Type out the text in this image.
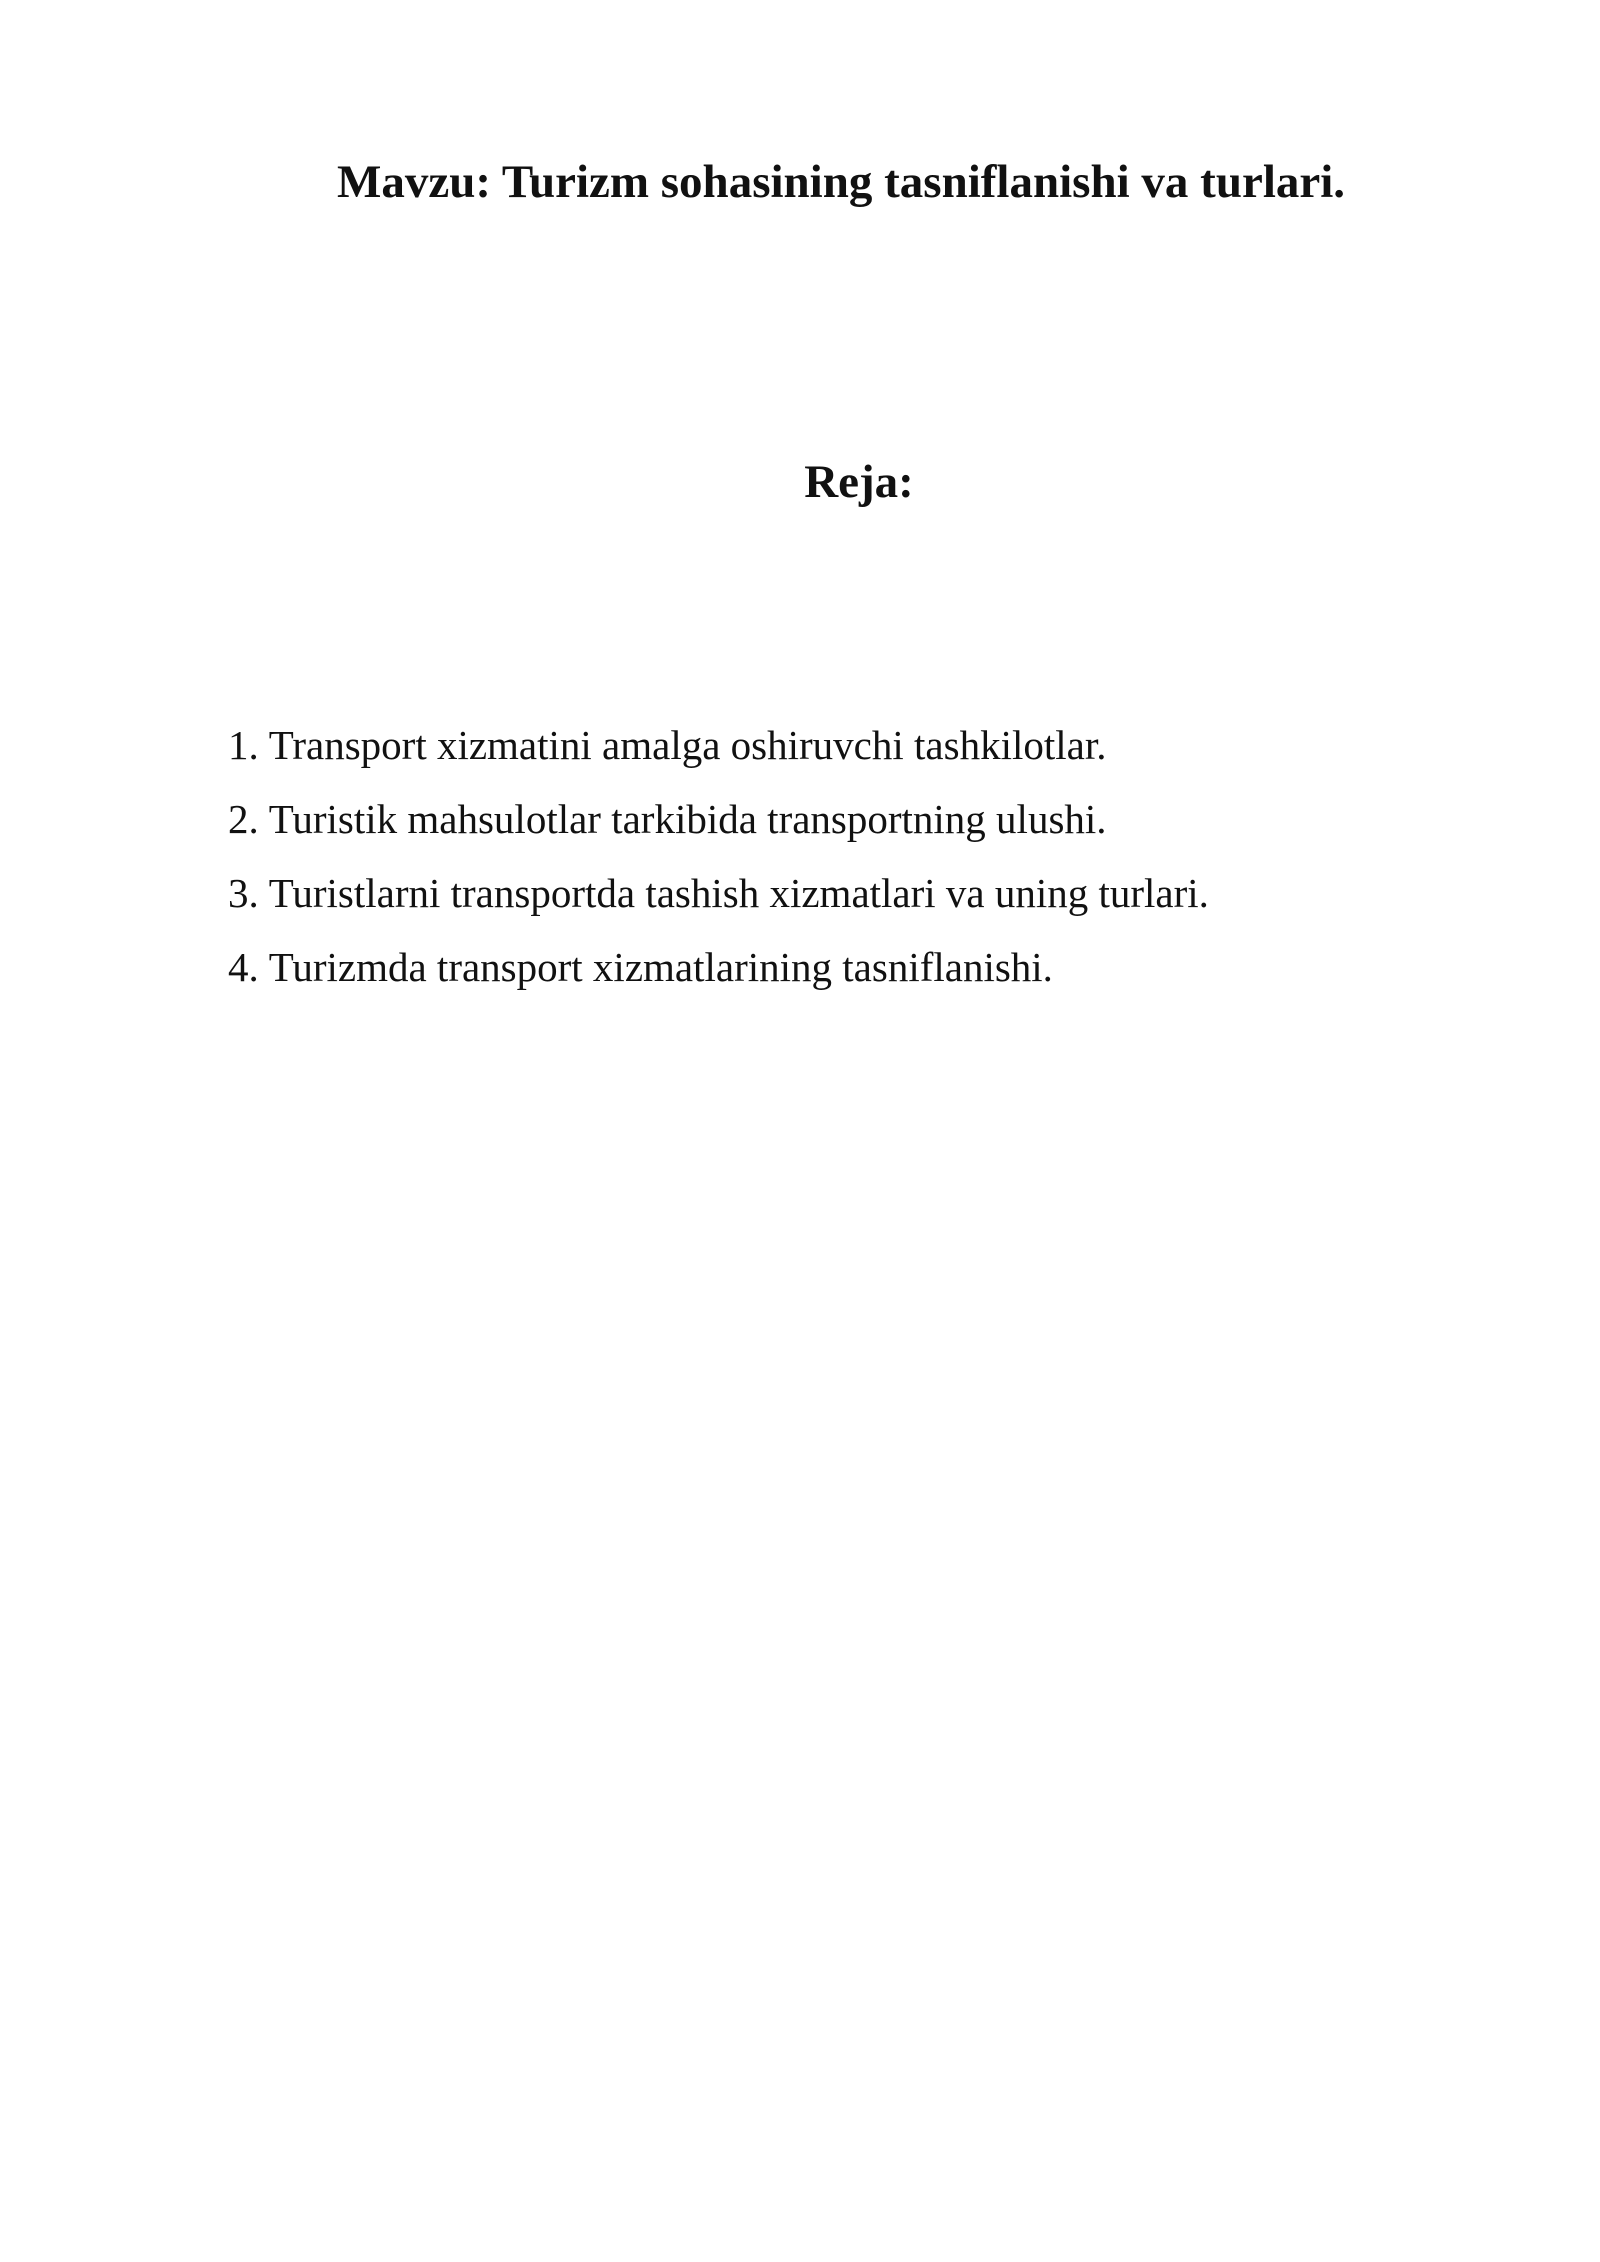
Mavzu: Turizm sohasining tasniflanishi va turlari.
Reja:
1. Transport xizmatini amalga oshiruvchi tashkilotlar.
2. Turistik mahsulotlar tarkibida transportning ulushi.
3. Turistlarni transportda tashish xizmatlari va uning turlari.
4. Turizmda transport xizmatlarining tasniflanishi.
